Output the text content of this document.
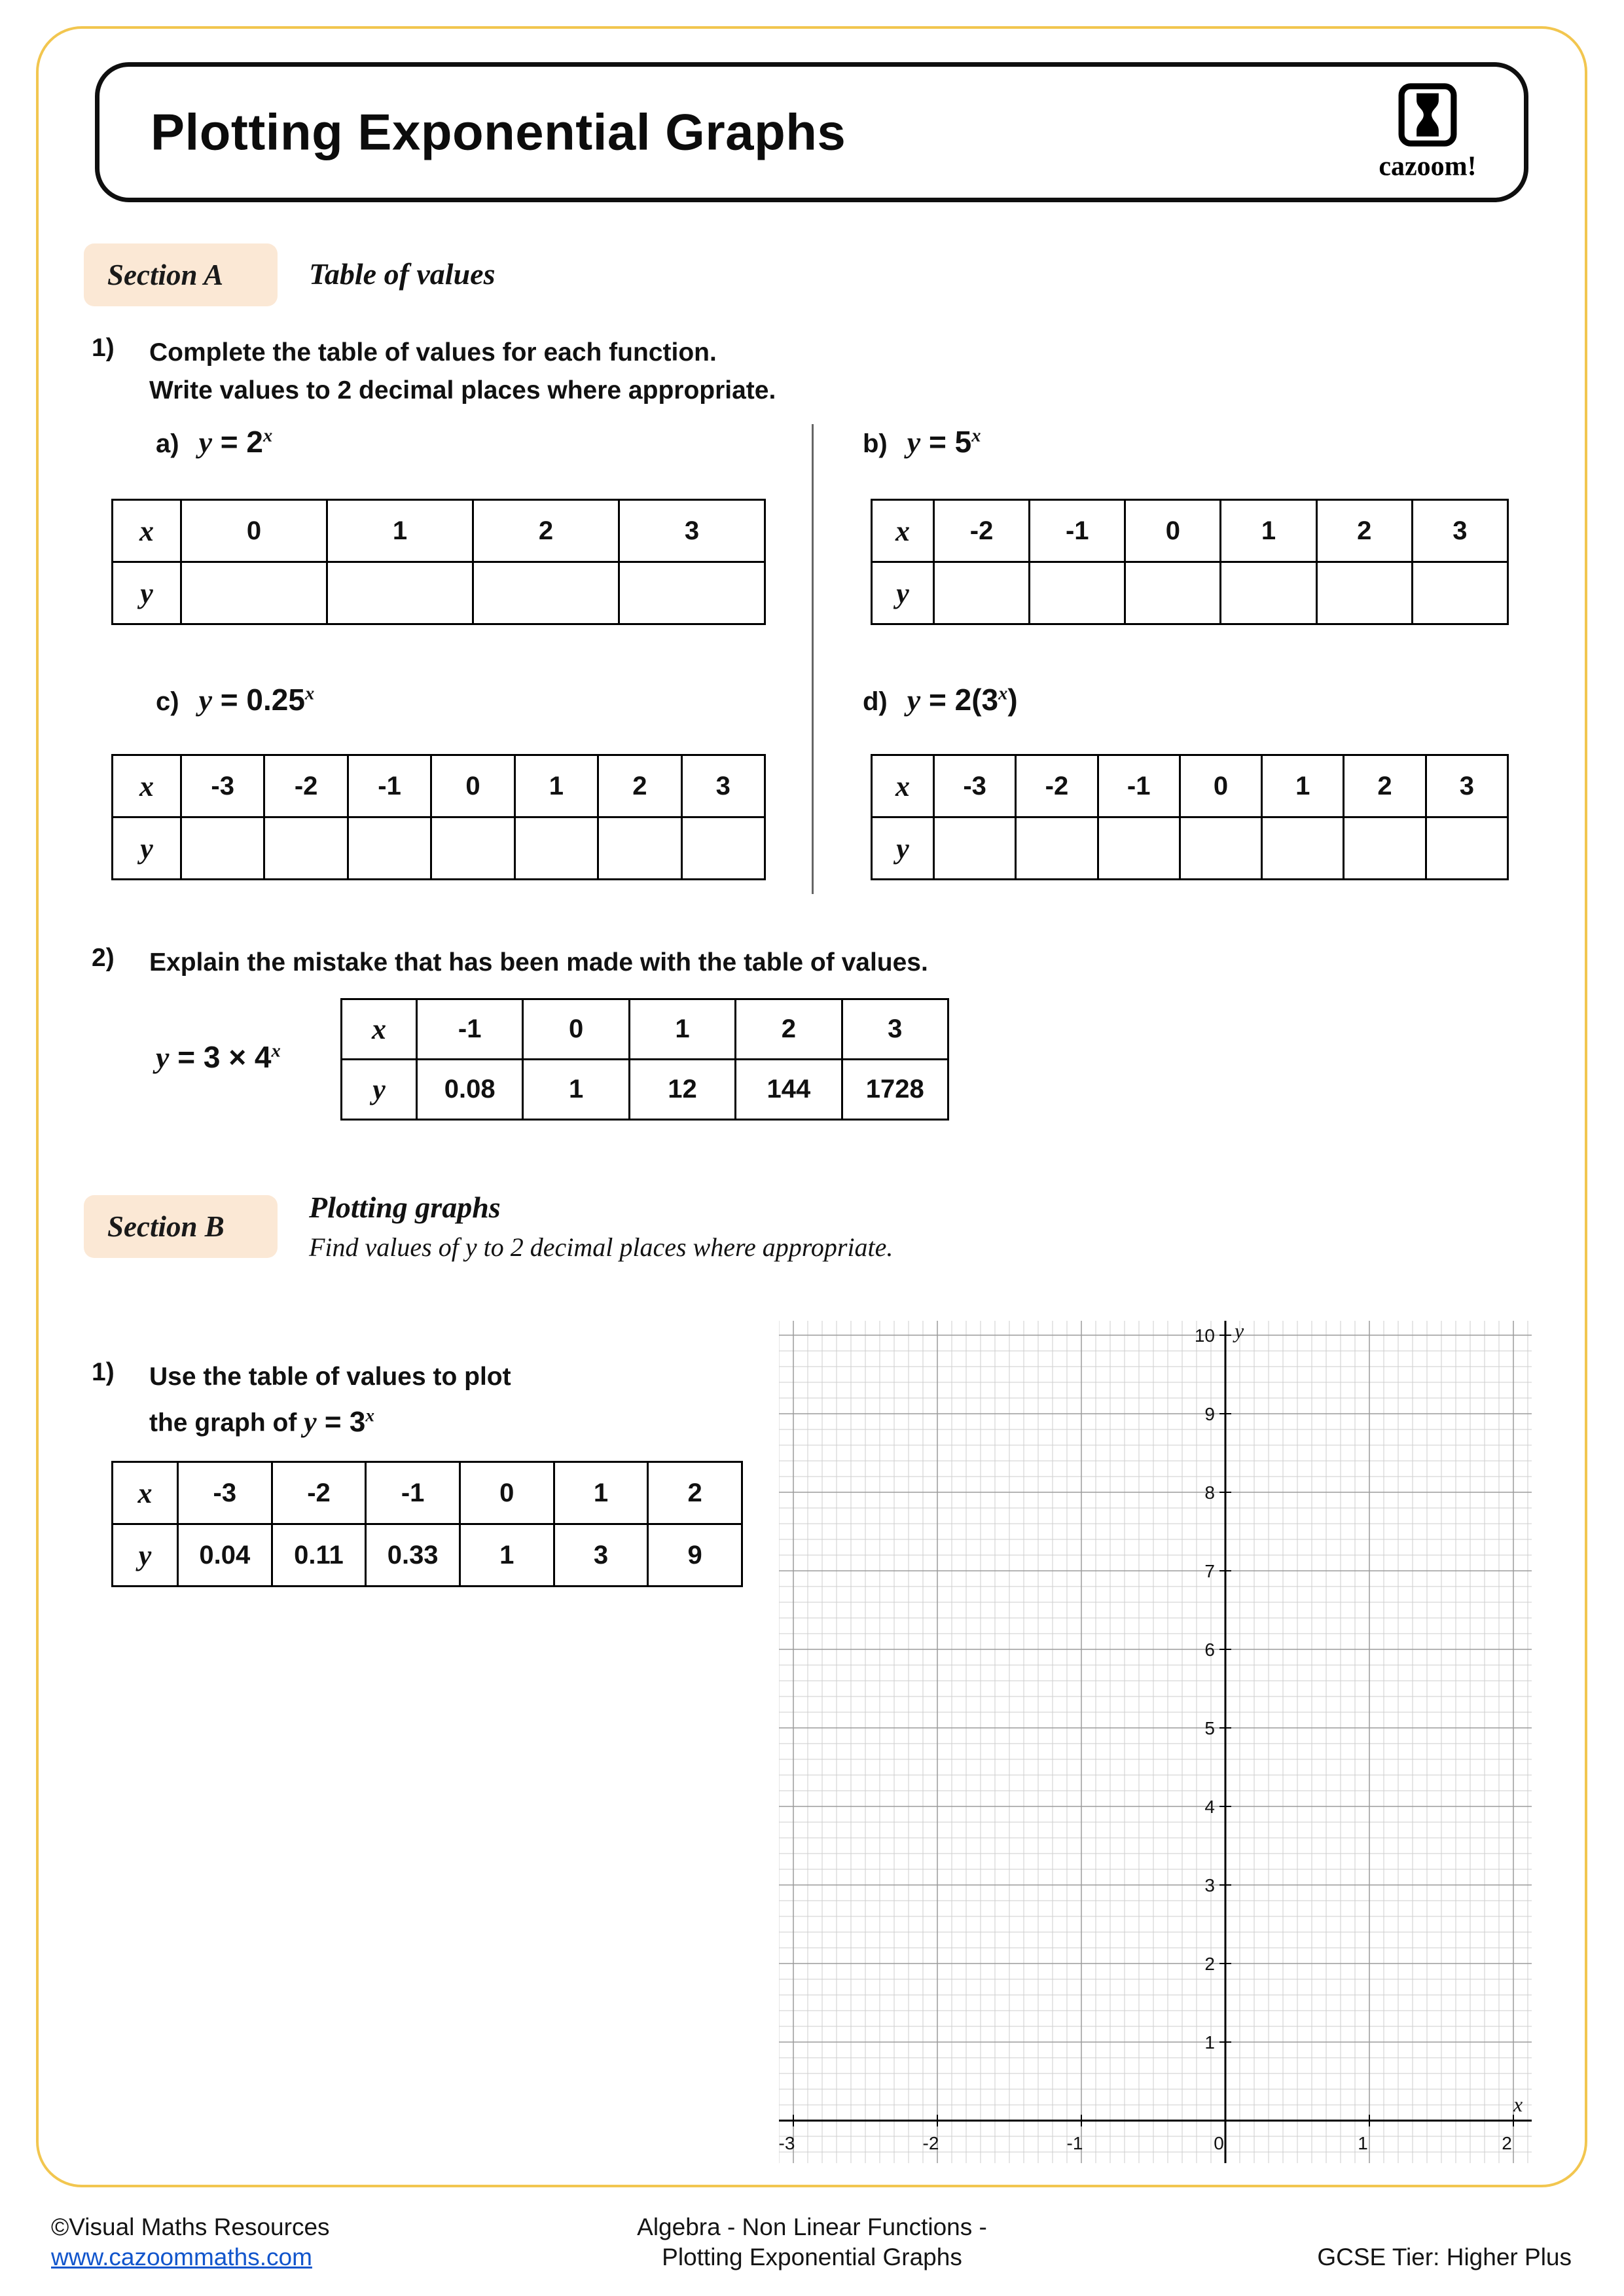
Plotting Exponential Graphs
cazoom!
Section A	Table of values
1) Complete the table of values for each function.
Write values to 2 decimal places where appropriate.
a) $y = 2^x$	b) $y = 5^x$
x	0	1	2	3
y				
x	-2	-1	0	1	2	3
y						
c) $y = 0.25^x$	d) $y = 2(3^x)$
x	-3	-2	-1	0	1	2	3
y							
x	-3	-2	-1	0	1	2	3
y							
2) Explain the mistake that has been made with the table of values.
$y = 3 \times 4^x$
x	-1	0	1	2	3
y	0.08	1	12	144	1728
Section B
Plotting graphs
Find values of y to 2 decimal places where appropriate.
1) Use the table of values to plot
the graph of $y = 3^x$
x	-3	-2	-1	0	1	2
y	0.04	0.11	0.33	1	3	9
1
2
3
4
5
6
7
8
9
10
-3	-2	-1	0	1	2
y
x
©Visual Maths Resources
www.cazoommaths.com
Algebra - Non Linear Functions -
Plotting Exponential Graphs	GCSE Tier: Higher Plus
